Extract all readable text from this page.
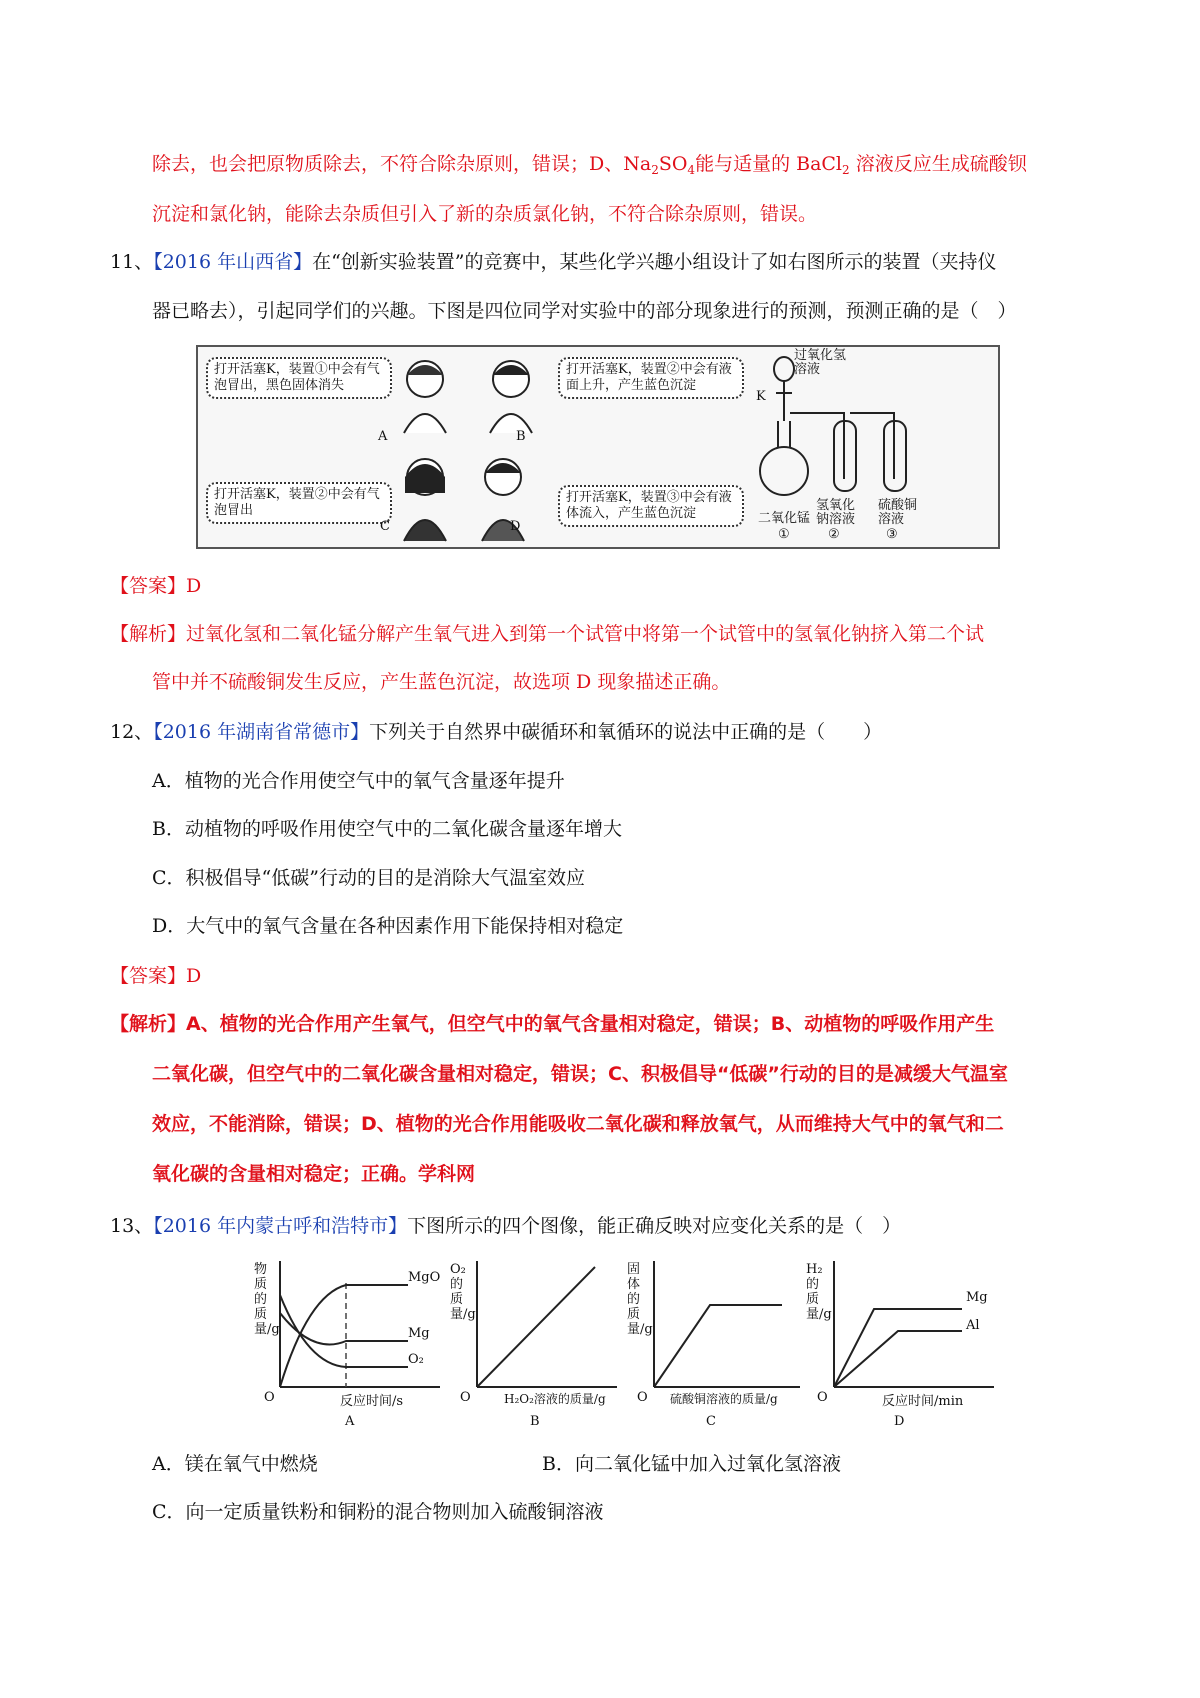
除去，也会把原物质除去，不符合除杂原则，错误；D、$Na_2SO_4$能与适量的 BaCl$_2$ 溶液反应生成硫酸钡
沉淀和氯化钠，能除去杂质但引入了新的杂质氯化钠，不符合除杂原则，错误。
11、【2016 年山西省】在“创新实验装置”的竞赛中，某些化学兴趣小组设计了如右图所示的装置（夹持仪
器已略去），引起同学们的兴趣。下图是四位同学对实验中的部分现象进行的预测，预测正确的是（　）
打开活塞K，装置①中会有气泡冒出，黑色固体消失
打开活塞K，装置②中会有液面上升，产生蓝色沉淀
打开活塞K，装置②中会有气泡冒出
打开活塞K，装置③中会有液体流入，产生蓝色沉淀
A	B
C	D
过氧化氢溶液
K
二氧化锰
氢氧化钠溶液
硫酸铜溶液
①	②	③
【答案】D
【解析】过氧化氢和二氧化锰分解产生氧气进入到第一个试管中将第一个试管中的氢氧化钠挤入第二个试
管中并不硫酸铜发生反应，产生蓝色沉淀，故选项 D 现象描述正确。
12、【2016 年湖南省常德市】下列关于自然界中碳循环和氧循环的说法中正确的是（　　）
A．植物的光合作用使空气中的氧气含量逐年提升
B．动植物的呼吸作用使空气中的二氧化碳含量逐年增大
C．积极倡导“低碳”行动的目的是消除大气温室效应
D．大气中的氧气含量在各种因素作用下能保持相对稳定
【答案】D
【解析】A、植物的光合作用产生氧气，但空气中的氧气含量相对稳定，错误；B、动植物的呼吸作用产生
二氧化碳，但空气中的二氧化碳含量相对稳定，错误；C、积极倡导“低碳”行动的目的是减缓大气温室
效应，不能消除，错误；D、植物的光合作用能吸收二氧化碳和释放氧气，从而维持大气中的氧气和二
氧化碳的含量相对稳定；正确。学科网
13、【2016 年内蒙古呼和浩特市】下图所示的四个图像，能正确反映对应变化关系的是（　）
物质的质量/g
MgO
Mg
O₂
O	反应时间/s
A
O₂的质量/g
O	H₂O₂溶液的质量/g
B
固体的质量/g
O 硫酸铜溶液的质量/g
C
H₂的质量/g
Mg
Al
O	反应时间/min
D
A．镁在氧气中燃烧	B．向二氧化锰中加入过氧化氢溶液
C．向一定质量铁粉和铜粉的混合物则加入硫酸铜溶液
